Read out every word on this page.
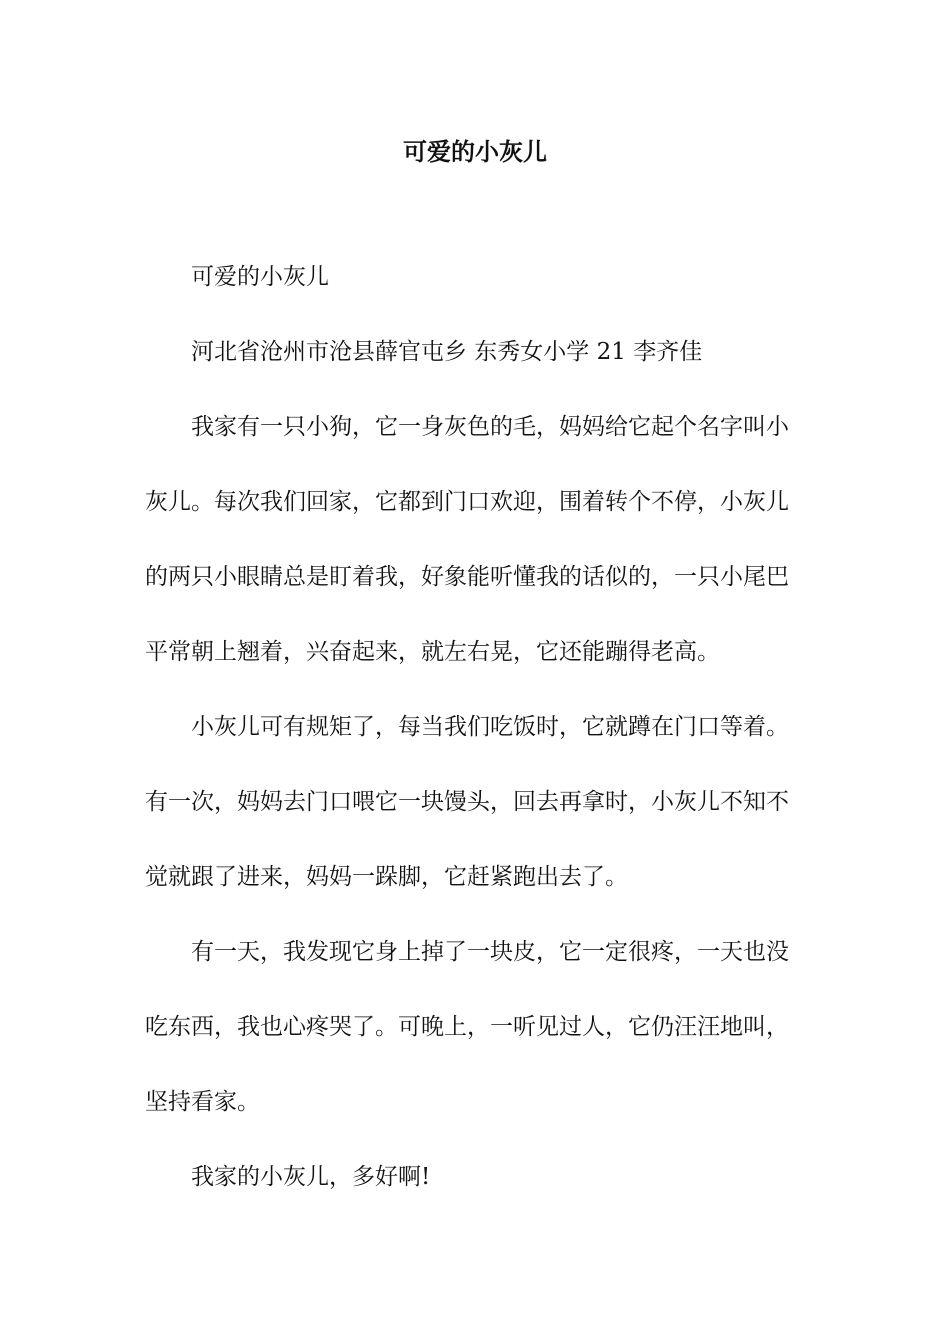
可爱的小灰儿

可爱的小灰儿

河北省沧州市沧县薛官屯乡 东秀女小学 21 李齐佳

我家有一只小狗，它一身灰色的毛，妈妈给它起个名字叫小灰儿。每次我们回家，它都到门口欢迎，围着转个不停，小灰儿的两只小眼睛总是盯着我，好象能听懂我的话似的，一只小尾巴平常朝上翘着，兴奋起来，就左右晃，它还能蹦得老高。

小灰儿可有规矩了，每当我们吃饭时，它就蹲在门口等着。有一次，妈妈去门口喂它一块馒头，回去再拿时，小灰儿不知不觉就跟了进来，妈妈一跺脚，它赶紧跑出去了。

有一天，我发现它身上掉了一块皮，它一定很疼，一天也没吃东西，我也心疼哭了。可晚上，一听见过人，它仍汪汪地叫，坚持看家。

我家的小灰儿，多好啊!
